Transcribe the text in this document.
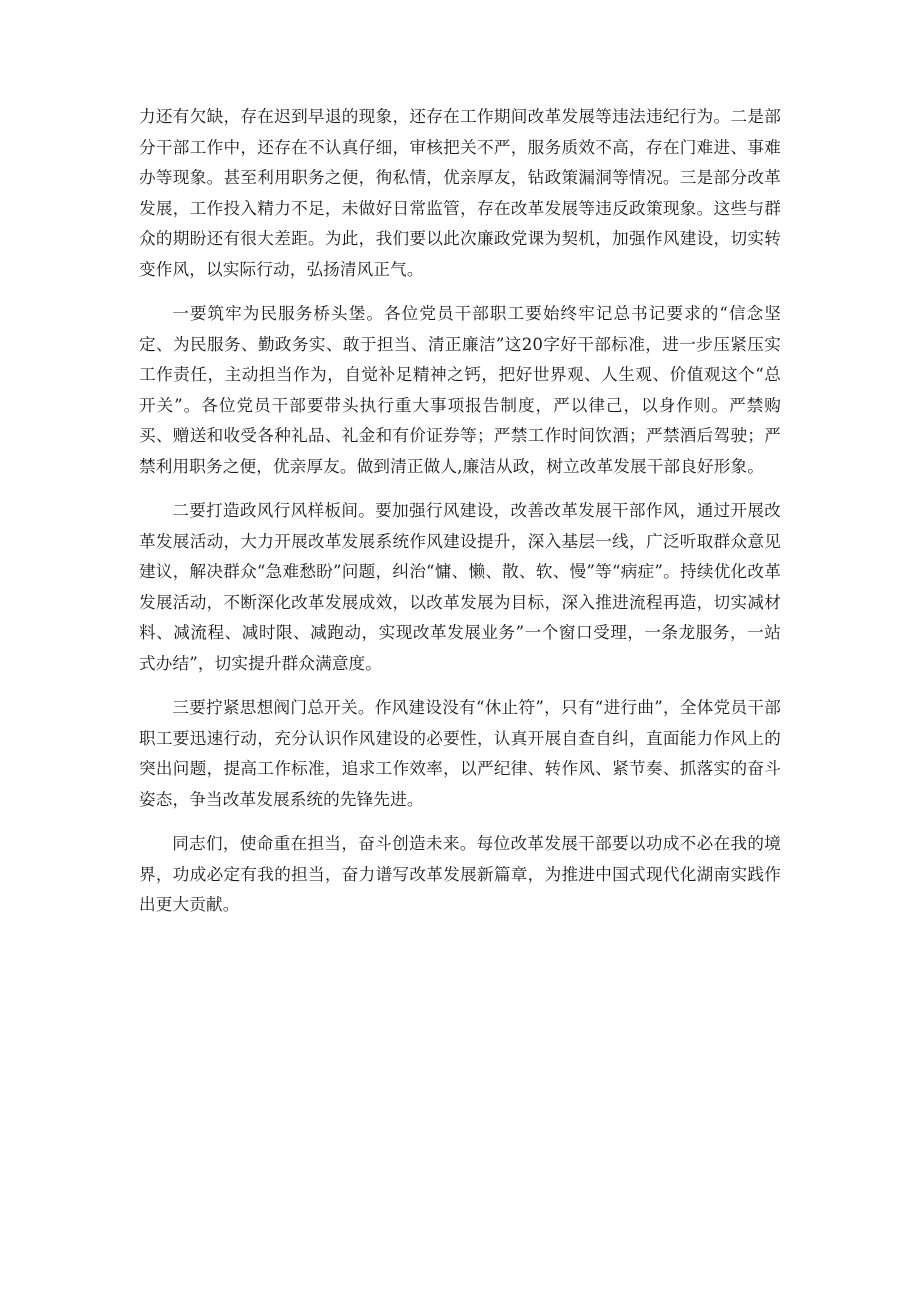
力还有欠缺，存在迟到早退的现象，还存在工作期间改革发展等违法违纪行为。二是部分干部工作中，还存在不认真仔细，审核把关不严，服务质效不高，存在门难进、事难办等现象。甚至利用职务之便，徇私情，优亲厚友，钻政策漏洞等情况。三是部分改革发展，工作投入精力不足，未做好日常监管，存在改革发展等违反政策现象。这些与群众的期盼还有很大差距。为此，我们要以此次廉政党课为契机，加强作风建设，切实转变作风，以实际行动，弘扬清风正气。

一要筑牢为民服务桥头堡。各位党员干部职工要始终牢记总书记要求的“信念坚定、为民服务、勤政务实、敢于担当、清正廉洁”这20字好干部标准，进一步压紧压实工作责任，主动担当作为，自觉补足精神之钙，把好世界观、人生观、价值观这个“总开关”。各位党员干部要带头执行重大事项报告制度，严以律己，以身作则。严禁购买、赠送和收受各种礼品、礼金和有价证券等；严禁工作时间饮酒；严禁酒后驾驶；严禁利用职务之便，优亲厚友。做到清正做人,廉洁从政，树立改革发展干部良好形象。

二要打造政风行风样板间。要加强行风建设，改善改革发展干部作风，通过开展改革发展活动，大力开展改革发展系统作风建设提升，深入基层一线，广泛听取群众意见建议，解决群众“急难愁盼”问题，纠治“慵、懒、散、软、慢”等“病症”。持续优化改革发展活动，不断深化改革发展成效，以改革发展为目标，深入推进流程再造，切实减材料、减流程、减时限、减跑动，实现改革发展业务”一个窗口受理，一条龙服务，一站式办结”，切实提升群众满意度。

三要拧紧思想阀门总开关。作风建设没有“休止符”，只有“进行曲”，全体党员干部职工要迅速行动，充分认识作风建设的必要性，认真开展自查自纠，直面能力作风上的突出问题，提高工作标准，追求工作效率，以严纪律、转作风、紧节奏、抓落实的奋斗姿态，争当改革发展系统的先锋先进。

同志们，使命重在担当，奋斗创造未来。每位改革发展干部要以功成不必在我的境界，功成必定有我的担当，奋力谱写改革发展新篇章，为推进中国式现代化湖南实践作出更大贡献。
